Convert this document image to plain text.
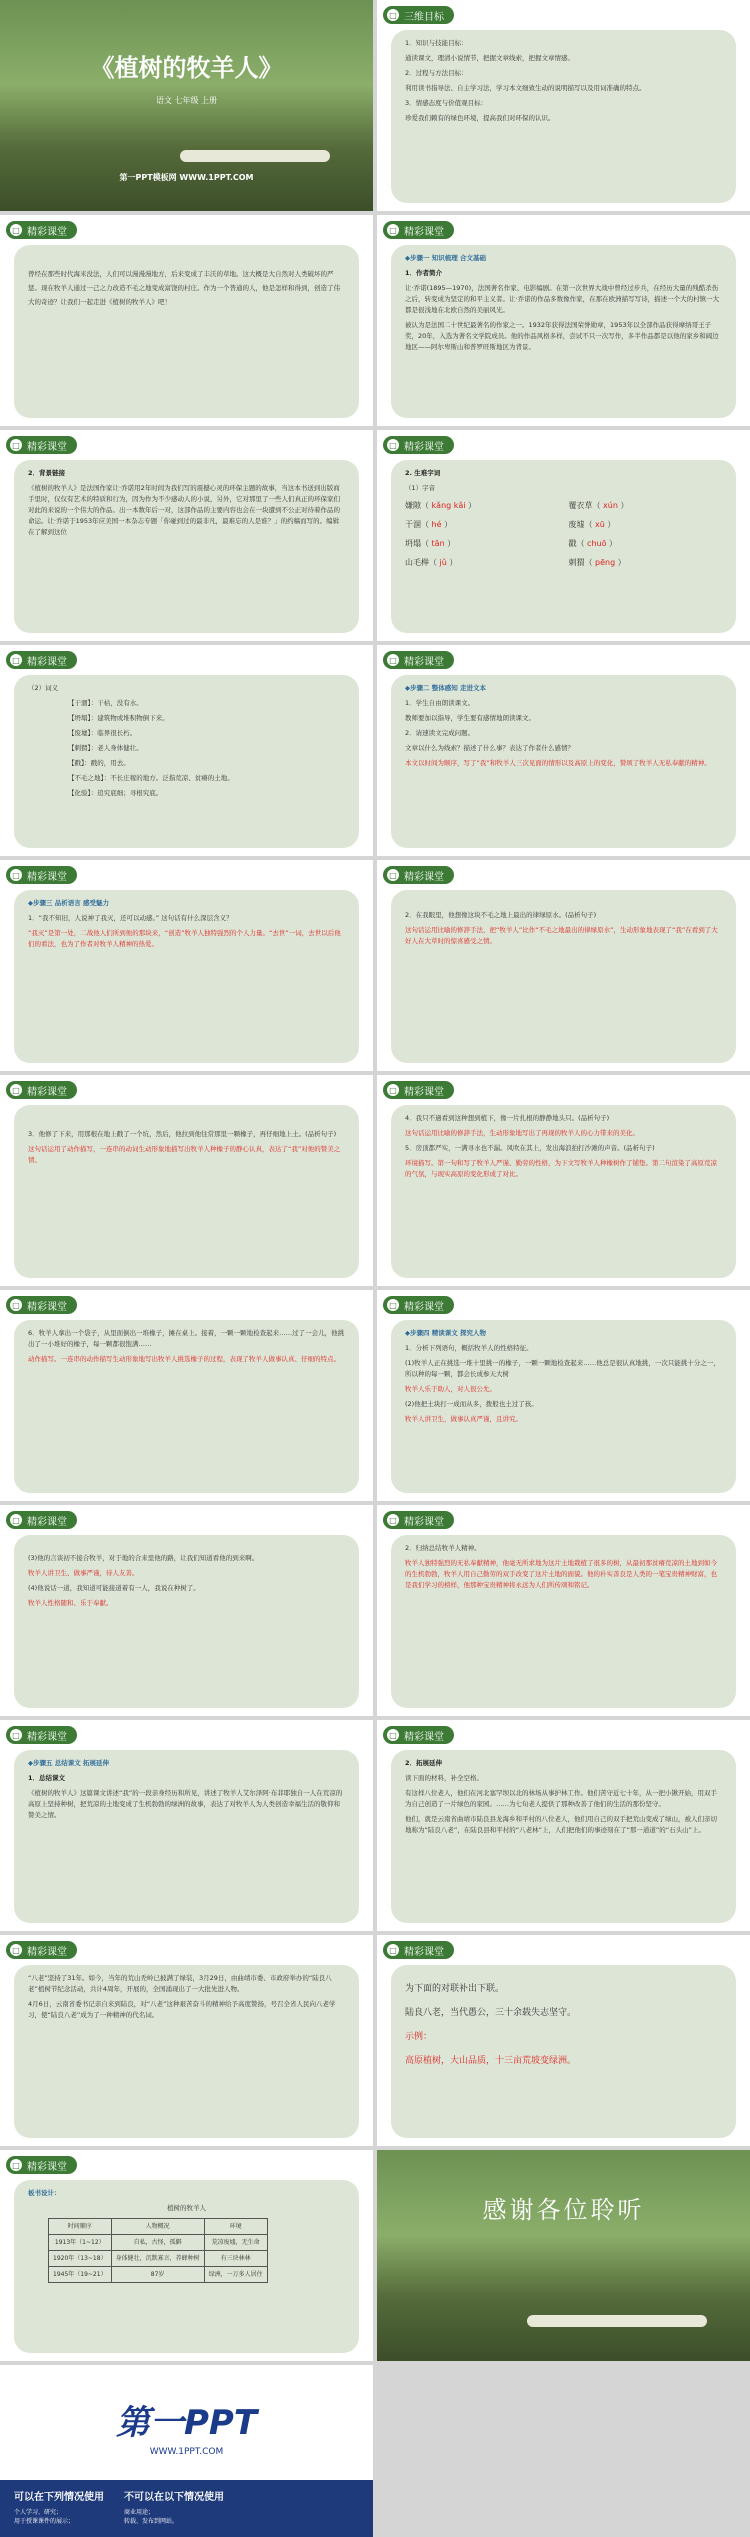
《植树的牧羊人》
语文 七年级 上册
第一PPT模板网 WWW.1PPT.COM
□ 三维目标

1．知识与技能目标：

通读课文，理清小说情节，把握文章线索，把握文章情感。

2．过程与方法目标：

利用读书指导法、自主学习法，学习本文细致生动的说明描写以及用词准确的特点。

3．情感态度与价值观目标：

珍爱我们赖有的绿色环境，提高我们对环保的认识。

□ 精彩课堂

曾经在那些时代海米没法，人们可以漫漫漫地方，后来变成了丰沃的草地。这大概是大自然对人类破坏的严惩。现在牧羊人通过一己之力改造不毛之地变成富饶的村庄。作为一个普通的人，他是怎样和得到，创造了伟大的奇迹？让我们一起走进《植树的牧羊人》吧！

□ 精彩课堂

◆步骤一 知识梳理 合文基础

1．作者简介

让·乔诺(1895—1970)，法国著名作家、电影编剧。在第一次世界大战中曾经过步兵，在经历大量的残酷杀伤之后，转变成为坚定的和平主义者。让·乔诺的作品多数像作家，在那在欧洲描写写诗，描述一个大的村镇一大都是很浅地在北欧自然的美丽风光。

被认为是法国二十世纪最著名的作家之一。1932年获得法国荣誉勋章，1953年以全部作品获得摩纳哥王子奖，20年，入选为著名文学院成员。他的作品风格多样，尝试不只一次写作，多半作品都是以他的家乡和阔边地区——阿尔卑斯山和普罗旺斯地区为背景。

□ 精彩课堂

2．背景链接

《植树的牧羊人》是法国作家让·乔诺用2年时间为我们写的震撼心灵的环保主题的故事，当这本书送到出版商手里时，仅仅有艺术的特质和行为，因为作为不少感动人的小说，另外，它对那里了一些人们真正的环保家们对此的来说的一个伟大的作品。出一本数年后一对，这部作品的主要内容也会在一块遭到不公正对待着作品的命运。让·乔诺于1953年应美国一本杂志专题「你碰到过的最非凡，最难忘的人是谁？」的约稿而写的。编辑在了解到这位

□ 精彩课堂

2. 生难字词

（1）字音

嫌隙（ kǎng kǎi ）	覆衣草（ xún ）
干涸（ hé ）	废墟（ xū ）
坍塌（ tān ）	戳（ chuō ）
山毛榉（ jǔ ）	刺猬（ pēng ）
□ 精彩课堂

（2）词义

【干涸】：干枯，没有水。

【坍塌】：建筑物或堆积物倒下来。

【废墟】：临界很长朽。

【刺猬】：老人身体健壮。

【戳】：戳的，用去。

【不毛之地】：不长庄稼的地方。泛指荒凉、贫瘠的土地。

【化验】：追究底细；寻根究底。

□ 精彩课堂

◆步骤二 整体感知 走进文本

1．学生自由朗读课文。

教师要加以指导，学生要有感情地朗读课文。

2．请速读文完成问题。

文章以什么为线索？描述了什么事？表达了作者什么感情？

本文以时间为顺序，写了“我”和牧羊人三次见面的情形以及高原上的变化，赞颂了牧羊人无私奉献的精神。

□ 精彩课堂

◆步骤三 品析语言 感受魅力

1．“我不知旧，人说神了我灭，还可以动感。” 这句话有什么深层含义？

“我灭”是第一处，二战他人们所到他的那块来，“创造”牧羊人独特强烈的个人力量。“去世”一词，去世以后他们的看法，也为了作者对牧羊人精神的热爱。

□ 精彩课堂

2．在我眼里，他想像这块不毛之地上最出的律绿原水。(品析句子)

这句话运用比喻的修辞手法，把“牧羊人”比作“不毛之地最出的律绿原水”，生动形象地表现了“我”在看到了大好人在大草时的惊喜感受之情。

□ 精彩课堂

3．他修了下来，用那根在地上戳了一个坑，然后，他拉到他往常那里一颗橡子，再仔细地上土。(品析句子)

这句话运用了动作描写，一连串的动词生动形象地描写出牧羊人种橡子的静心认真，表达了“我”对他的赞美之情。

□ 精彩课堂

4．我只不過看到这种想到植下，像一片扎根的静静地头只。(品析句子)

这句话运用比喻的修辞手法，生动形象地写出了再现的牧羊人的心力带来的美化。

5．房顶都严实，一满寻水也不漏。风吹在其上，发出海浪拍打沙滩的声音。(品析句子)

环境描写。第一句和写了牧羊人严谨、勤劳的性格，为下文写牧羊人种橡树作了铺垫。第二句渲染了高原荒凉的气氛，与现实高原的变化形成了对比。

□ 精彩课堂

6．牧羊人拿出一个袋子，从里面倒出一堆橡子，摊在桌上。接着，一颗一颗地检查起来……过了一会儿，他挑出了一小堆好的橡子，每一颗都很饱满……

动作描写。一连串的动作描写生动形象地写出牧羊人挑选橡子的过程，表现了牧羊人做事认真、仔细的特点。

□ 精彩课堂

◆步骤四 精读课文 探究人物

1．分析下列语句，概括牧羊人的性格特征。

(1)牧羊人正在挑选一堆十里挑一的橡子，一颗一颗地检查起来……他总是很认真地挑，一次只能挑十分之一，所以种的每一颗，都会长成参天大树

牧羊人乐于助人，对人很公允。

(2)他把土块打一成而从多，拨般也土过了孩。

牧羊人讲卫生，做事认真严谨，且讲究。

□ 精彩课堂

(3)他的言谈初不接合牧羊，对于地的合来里他的路，让我们知道看他的到来啊。

牧羊人讲卫生、做事严谨，待人友善。

(4)他说话一道，我知道可能接道着有一人，我说在种树了。

牧羊人性格随和、乐于奉献。

□ 精彩课堂

2．归纳总结牧羊人精神。

牧羊人独特强烈的无私奉献精神，他毫无所求地为这片土地栽植了很多的树，从最初那贫瘠荒凉的土地到如今的生机勃勃，牧羊人用自己勤劳的双手改变了这片土地的面貌。他的朴实善良是人类的一笔宝贵精神财富，也是我们学习的榜样，他那种宝贵精神将永远为人们所传颂和铭记。

□ 精彩课堂

◆步骤五 总结课文 拓展延伸

1．总结课文

《植树的牧羊人》这篇课文讲述“我”的一段亲身经历和所见，讲述了牧羊人艾尔泽阿·布菲耶独自一人在荒凉的高原上坚持种树，把荒凉的土地变成了生机勃勃的绿洲的故事，表达了对牧羊人为人类创造幸福生活的敬仰和赞美之情。

□ 精彩课堂

2．拓展延伸

读下面的材料，补全空格。

有这样八位老人，他们在河北塞罕坝以北的林场从事护林工作。他们苦守近七十年，从一把小锹开始，用双手为自己创造了一片绿色的家园。……为七旬老人提供了那种改善了他们的生活的那份坚守。

他们，就是云南省曲靖市陆良县龙海乡和平村的八位老人，他们用自己的双手把荒山变成了绿山，被人们亲切地称为“陆良八老”，在陆良县和平村的“八老林”上，人们把他们的事迹刻在了“那一道道”的“石头山”上。

□ 精彩课堂

“八老”坚持了31年。如今，当年的荒山秃岭已披满了绿装，3月29日，由曲靖市委、市政府举办的“陆良八老”植树节纪念活动，共计4周年，开展的，全国涌现出了一大批先进人物。

4月6日，云南省委书记亲自来到陆良，对“八老”这种艰苦奋斗的精神给予高度赞扬，号召全省人民向八老学习，使“陆良八老”成为了一种精神的代名词。

□ 精彩课堂

为下面的对联补出下联。

陆良八老，当代愚公，三十余载失志坚守。

示例：

高原植树，大山品质，十三亩荒坡变绿洲。

□ 精彩课堂

板书设计：

植树的牧羊人

时间顺序	人物概况	环境
1913年（1~12）	自私，古怪，孤僻	荒凉废墟，无生命
1920年（13~18）	身体健壮，沉默寡言，养蜂种树	有三块林林
1945年（19~21）	87岁	绿洲，一万多人居住
感谢各位聆听
第一PPT
WWW.1PPT.COM
可以在下列情况使用

个人学习、研究；

用于授课课件的展示；

不可以在以下情况使用

商业用途；

转载、发布到网站。
